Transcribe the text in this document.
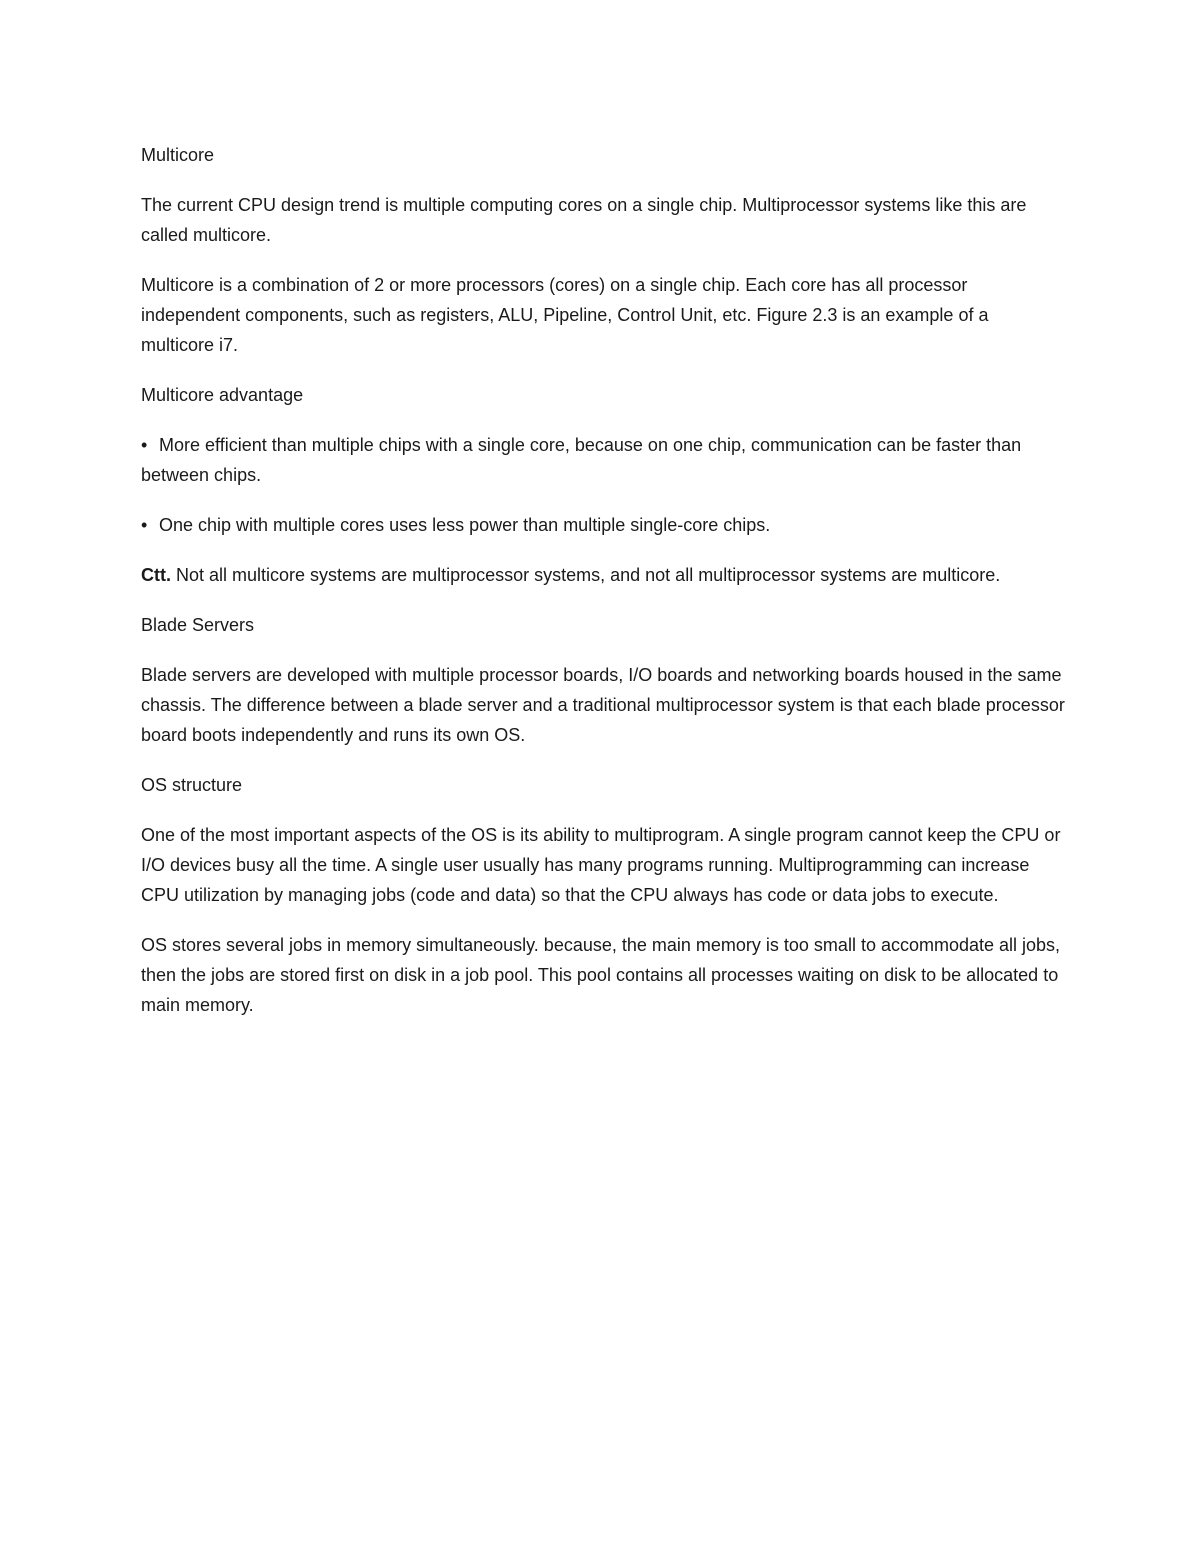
Multicore

The current CPU design trend is multiple computing cores on a single chip. Multiprocessor systems like this are called multicore.

Multicore is a combination of 2 or more processors (cores) on a single chip. Each core has all processor independent components, such as registers, ALU, Pipeline, Control Unit, etc. Figure 2.3 is an example of a multicore i7.

Multicore advantage

• More efficient than multiple chips with a single core, because on one chip, communication can be faster than between chips.

• One chip with multiple cores uses less power than multiple single-core chips.

Ctt. Not all multicore systems are multiprocessor systems, and not all multiprocessor systems are multicore.

Blade Servers

Blade servers are developed with multiple processor boards, I/O boards and networking boards housed in the same chassis. The difference between a blade server and a traditional multiprocessor system is that each blade processor board boots independently and runs its own OS.

OS structure

One of the most important aspects of the OS is its ability to multiprogram. A single program cannot keep the CPU or I/O devices busy all the time. A single user usually has many programs running. Multiprogramming can increase CPU utilization by managing jobs (code and data) so that the CPU always has code or data jobs to execute.

OS stores several jobs in memory simultaneously. because, the main memory is too small to accommodate all jobs, then the jobs are stored first on disk in a job pool. This pool contains all processes waiting on disk to be allocated to main memory.
